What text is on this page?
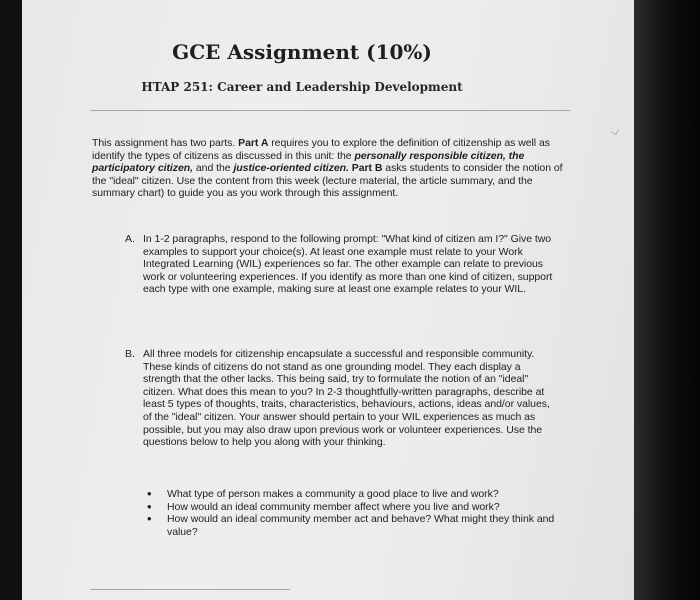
GCE Assignment (10%)
HTAP 251: Career and Leadership Development
This assignment has two parts. Part A requires you to explore the definition of citizenship as well as identify the types of citizens as discussed in this unit: the personally responsible citizen, the participatory citizen, and the justice-oriented citizen. Part B asks students to consider the notion of the "ideal" citizen. Use the content from this week (lecture material, the article summary, and the summary chart) to guide you as you work through this assignment.
A. In 1-2 paragraphs, respond to the following prompt: "What kind of citizen am I?" Give two examples to support your choice(s). At least one example must relate to your Work Integrated Learning (WIL) experiences so far. The other example can relate to previous work or volunteering experiences. If you identify as more than one kind of citizen, support each type with one example, making sure at least one example relates to your WIL.
B. All three models for citizenship encapsulate a successful and responsible community. These kinds of citizens do not stand as one grounding model. They each display a strength that the other lacks. This being said, try to formulate the notion of an "ideal" citizen. What does this mean to you? In 2-3 thoughtfully-written paragraphs, describe at least 5 types of thoughts, traits, characteristics, behaviours, actions, ideas and/or values, of the "ideal" citizen. Your answer should pertain to your WIL experiences as much as possible, but you may also draw upon previous work or volunteer experiences. Use the questions below to help you along with your thinking.
• What type of person makes a community a good place to live and work?
• How would an ideal community member affect where you live and work?
• How would an ideal community member act and behave? What might they think and value?
